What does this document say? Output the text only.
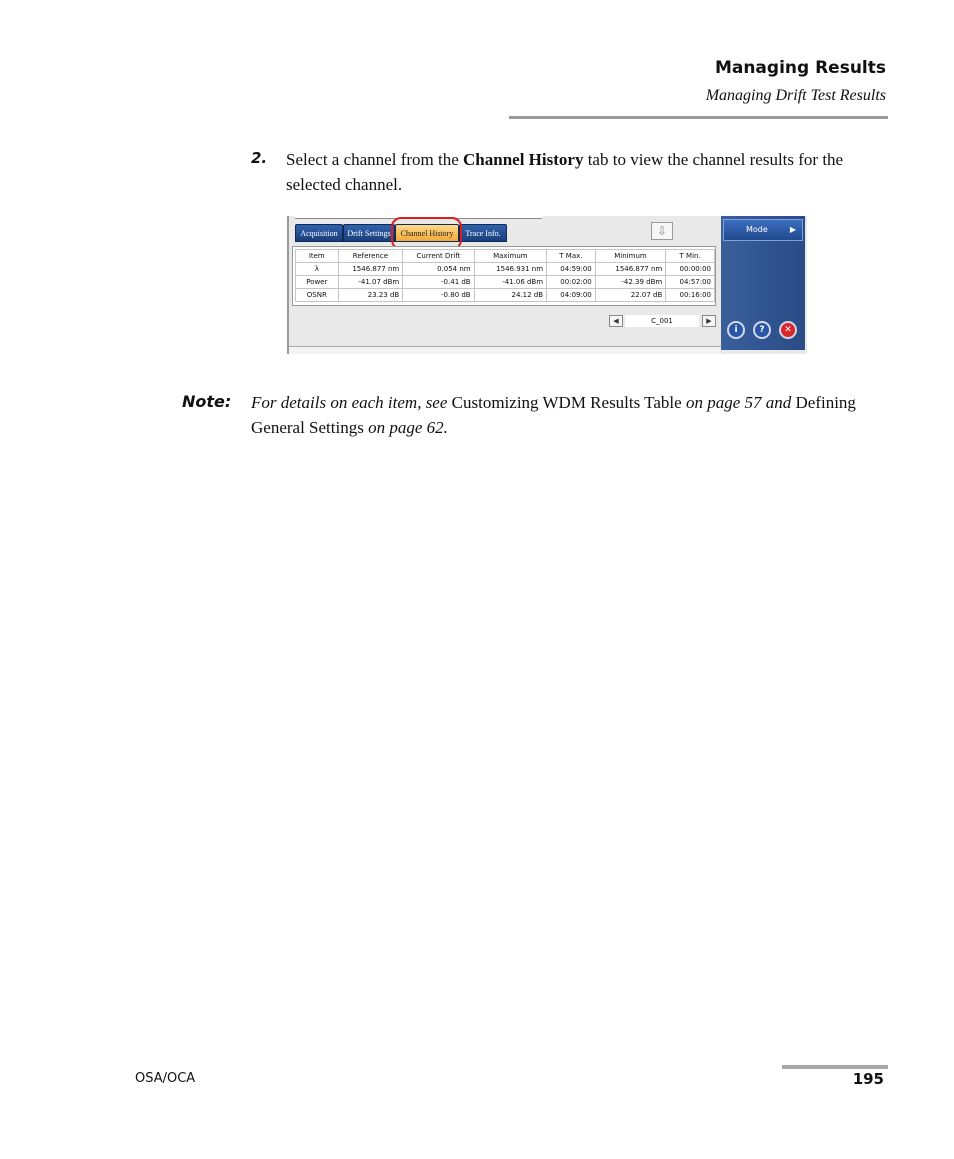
Managing Results
Managing Drift Test Results
2. Select a channel from the Channel History tab to view the channel results for the selected channel.
Acquisition	Drift Settings	Channel History	Trace Info.	⇩
Item	Reference	Current Drift	Maximum	T Max.	Minimum	T Min.
λ	1546.877 nm	0.054 nm	1546.931 nm	04:59:00	1546.877 nm	00:00:00
Power	-41.07 dBm	-0.41 dB	-41.06 dBm	00:02:00	-42.39 dBm	04:57:00
OSNR	23.23 dB	-0.80 dB	24.12 dB	04:09:00	22.07 dB	00:16:00
◀	C_001	▶
Mode	▶
i	?	✕
Note: For details on each item, see Customizing WDM Results Table on page 57 and Defining General Settings on page 62.
OSA/OCA	195
